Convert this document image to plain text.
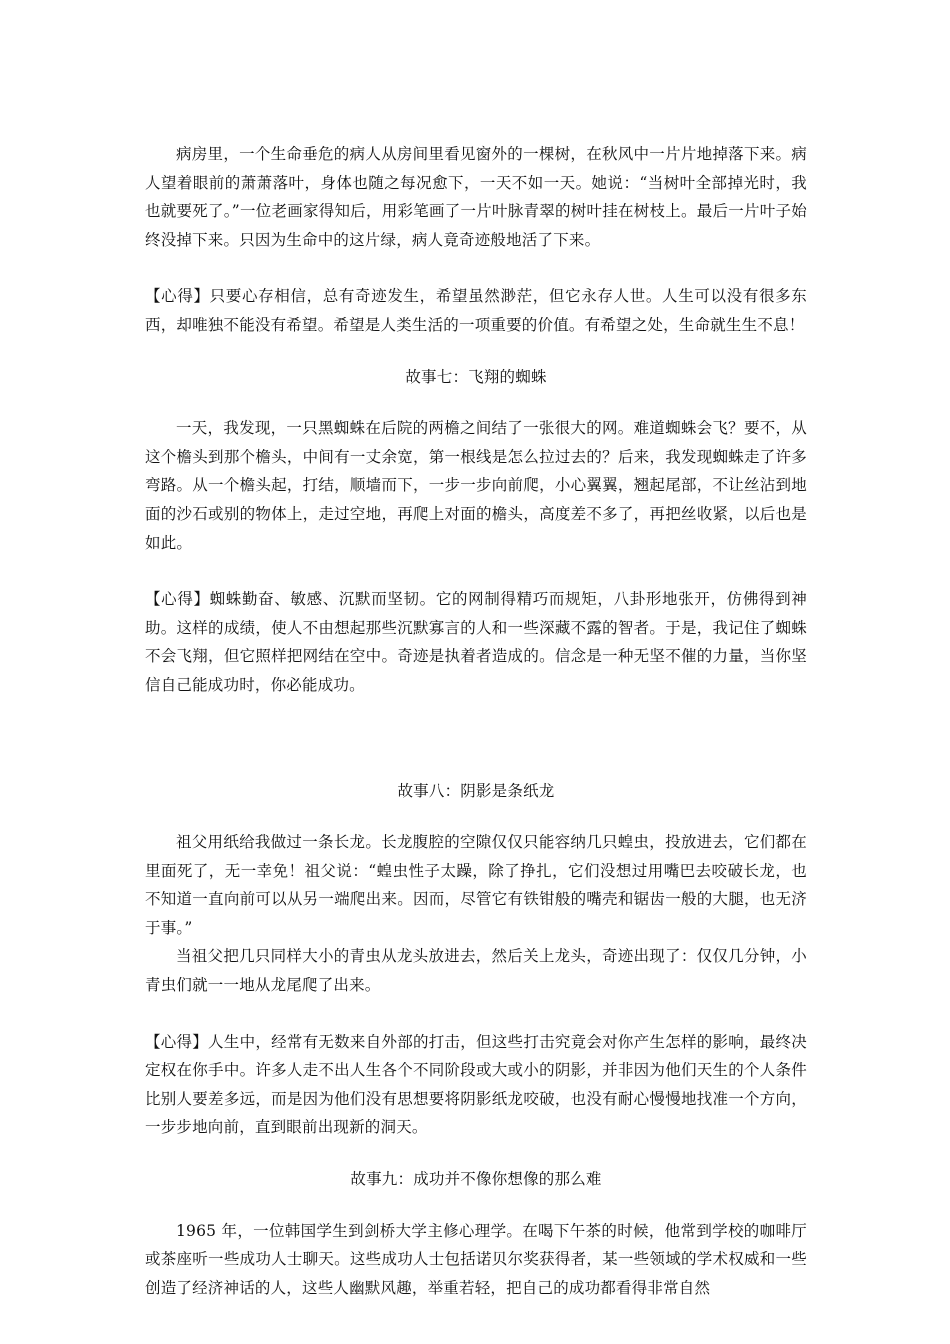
病房里，一个生命垂危的病人从房间里看见窗外的一棵树，在秋风中一片片地掉落下来。病人望着眼前的萧萧落叶，身体也随之每况愈下，一天不如一天。她说：“当树叶全部掉光时，我也就要死了。”一位老画家得知后，用彩笔画了一片叶脉青翠的树叶挂在树枝上。最后一片叶子始终没掉下来。只因为生命中的这片绿，病人竟奇迹般地活了下来。

【心得】只要心存相信，总有奇迹发生，希望虽然渺茫，但它永存人世。人生可以没有很多东西，却唯独不能没有希望。希望是人类生活的一项重要的价值。有希望之处，生命就生生不息！

故事七：飞翔的蜘蛛

一天，我发现，一只黑蜘蛛在后院的两檐之间结了一张很大的网。难道蜘蛛会飞？要不，从这个檐头到那个檐头，中间有一丈余宽，第一根线是怎么拉过去的？后来，我发现蜘蛛走了许多弯路。从一个檐头起，打结，顺墙而下，一步一步向前爬，小心翼翼，翘起尾部，不让丝沾到地面的沙石或别的物体上，走过空地，再爬上对面的檐头，高度差不多了，再把丝收紧，以后也是如此。

【心得】蜘蛛勤奋、敏感、沉默而坚韧。它的网制得精巧而规矩，八卦形地张开，仿佛得到神助。这样的成绩，使人不由想起那些沉默寡言的人和一些深藏不露的智者。于是，我记住了蜘蛛不会飞翔，但它照样把网结在空中。奇迹是执着者造成的。信念是一种无坚不催的力量，当你坚信自己能成功时，你必能成功。

故事八：阴影是条纸龙

祖父用纸给我做过一条长龙。长龙腹腔的空隙仅仅只能容纳几只蝗虫，投放进去，它们都在里面死了，无一幸免！祖父说：“蝗虫性子太躁，除了挣扎，它们没想过用嘴巴去咬破长龙，也不知道一直向前可以从另一端爬出来。因而，尽管它有铁钳般的嘴壳和锯齿一般的大腿，也无济于事。”

当祖父把几只同样大小的青虫从龙头放进去，然后关上龙头，奇迹出现了：仅仅几分钟，小青虫们就一一地从龙尾爬了出来。

【心得】人生中，经常有无数来自外部的打击，但这些打击究竟会对你产生怎样的影响，最终决定权在你手中。许多人走不出人生各个不同阶段或大或小的阴影，并非因为他们天生的个人条件比别人要差多远，而是因为他们没有思想要将阴影纸龙咬破，也没有耐心慢慢地找准一个方向，一步步地向前，直到眼前出现新的洞天。

故事九：成功并不像你想像的那么难

1965 年，一位韩国学生到剑桥大学主修心理学。在喝下午茶的时候，他常到学校的咖啡厅或茶座听一些成功人士聊天。这些成功人士包括诺贝尔奖获得者，某一些领域的学术权威和一些创造了经济神话的人，这些人幽默风趣，举重若轻，把自己的成功都看得非常自然
